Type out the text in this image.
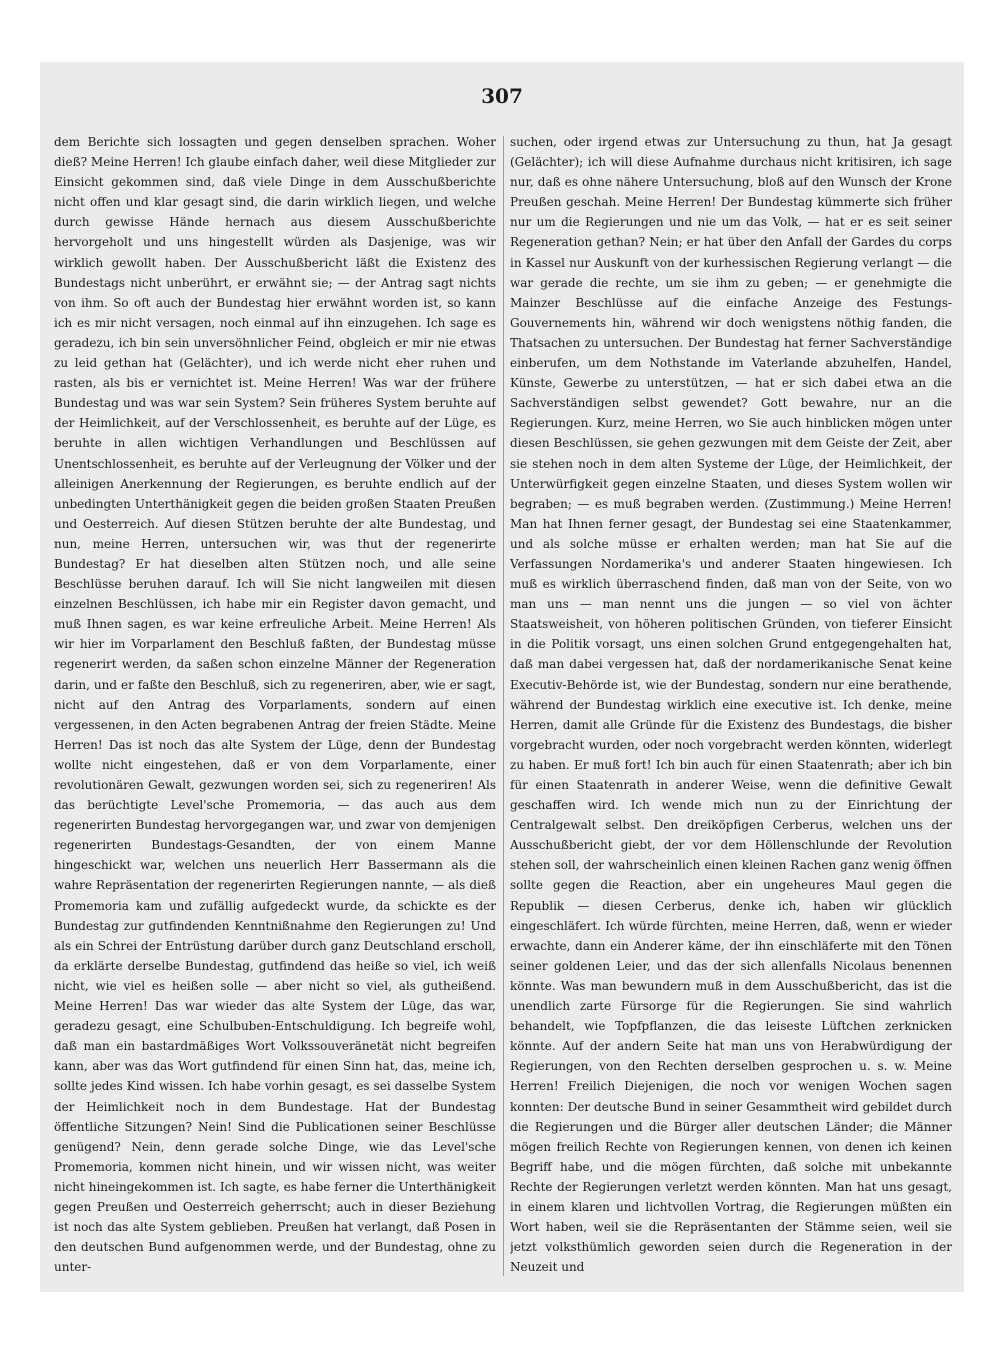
307

dem Berichte sich lossagten und gegen denselben sprachen. Woher dieß? Meine Herren! Ich glaube einfach daher, weil diese Mitglieder zur Einsicht gekommen sind, daß viele Dinge in dem Ausschußberichte nicht offen und klar gesagt sind, die darin wirklich liegen, und welche durch gewisse Hände hernach aus diesem Ausschußberichte hervorgeholt und uns hingestellt würden als Dasjenige, was wir wirklich gewollt haben. Der Ausschußbericht läßt die Existenz des Bundestags nicht unberührt, er erwähnt sie; — der Antrag sagt nichts von ihm. So oft auch der Bundestag hier erwähnt worden ist, so kann ich es mir nicht versagen, noch einmal auf ihn einzugehen. Ich sage es geradezu, ich bin sein unversöhnlicher Feind, obgleich er mir nie etwas zu leid gethan hat (Gelächter), und ich werde nicht eher ruhen und rasten, als bis er vernichtet ist. Meine Herren! Was war der frühere Bundestag und was war sein System? Sein früheres System beruhte auf der Heimlichkeit, auf der Verschlossenheit, es beruhte auf der Lüge, es beruhte in allen wichtigen Verhandlungen und Beschlüssen auf Unentschlossenheit, es beruhte auf der Verleugnung der Völker und der alleinigen Anerkennung der Regierungen, es beruhte endlich auf der unbedingten Unterthänigkeit gegen die beiden großen Staaten Preußen und Oesterreich. Auf diesen Stützen beruhte der alte Bundestag, und nun, meine Herren, untersuchen wir, was thut der regenerirte Bundestag? Er hat dieselben alten Stützen noch, und alle seine Beschlüsse beruhen darauf. Ich will Sie nicht langweilen mit diesen einzelnen Beschlüssen, ich habe mir ein Register davon gemacht, und muß Ihnen sagen, es war keine erfreuliche Arbeit. Meine Herren! Als wir hier im Vorparlament den Beschluß faßten, der Bundestag müsse regenerirt werden, da saßen schon einzelne Männer der Regeneration darin, und er faßte den Beschluß, sich zu regeneriren, aber, wie er sagt, nicht auf den Antrag des Vorparlaments, sondern auf einen vergessenen, in den Acten begrabenen Antrag der freien Städte. Meine Herren! Das ist noch das alte System der Lüge, denn der Bundestag wollte nicht eingestehen, daß er von dem Vorparlamente, einer revolutionären Gewalt, gezwungen worden sei, sich zu regeneriren! Als das berüchtigte Level'sche Promemoria, — das auch aus dem regenerirten Bundestag hervorgegangen war, und zwar von demjenigen regenerirten Bundestags-Gesandten, der von einem Manne hingeschickt war, welchen uns neuerlich Herr Bassermann als die wahre Repräsentation der regenerirten Regierungen nannte, — als dieß Promemoria kam und zufällig aufgedeckt wurde, da schickte es der Bundestag zur gutfindenden Kenntnißnahme den Regierungen zu! Und als ein Schrei der Entrüstung darüber durch ganz Deutschland erscholl, da erklärte derselbe Bundestag, gutfindend das heiße so viel, ich weiß nicht, wie viel es heißen solle — aber nicht so viel, als gutheißend. Meine Herren! Das war wieder das alte System der Lüge, das war, geradezu gesagt, eine Schulbuben-Entschuldigung. Ich begreife wohl, daß man ein bastardmäßiges Wort Volkssouveränetät nicht begreifen kann, aber was das Wort gutfindend für einen Sinn hat, das, meine ich, sollte jedes Kind wissen. Ich habe vorhin gesagt, es sei dasselbe System der Heimlichkeit noch in dem Bundestage. Hat der Bundestag öffentliche Sitzungen? Nein! Sind die Publicationen seiner Beschlüsse genügend? Nein, denn gerade solche Dinge, wie das Level'sche Promemoria, kommen nicht hinein, und wir wissen nicht, was weiter nicht hineingekommen ist. Ich sagte, es habe ferner die Unterthänigkeit gegen Preußen und Oesterreich geherrscht; auch in dieser Beziehung ist noch das alte System geblieben. Preußen hat verlangt, daß Posen in den deutschen Bund aufgenommen werde, und der Bundestag, ohne zu unter-

suchen, oder irgend etwas zur Untersuchung zu thun, hat Ja gesagt (Gelächter); ich will diese Aufnahme durchaus nicht kritisiren, ich sage nur, daß es ohne nähere Untersuchung, bloß auf den Wunsch der Krone Preußen geschah. Meine Herren! Der Bundestag kümmerte sich früher nur um die Regierungen und nie um das Volk, — hat er es seit seiner Regeneration gethan? Nein; er hat über den Anfall der Gardes du corps in Kassel nur Auskunft von der kurhessischen Regierung verlangt — die war gerade die rechte, um sie ihm zu geben; — er genehmigte die Mainzer Beschlüsse auf die einfache Anzeige des Festungs-Gouvernements hin, während wir doch wenigstens nöthig fanden, die Thatsachen zu untersuchen. Der Bundestag hat ferner Sachverständige einberufen, um dem Nothstande im Vaterlande abzuhelfen, Handel, Künste, Gewerbe zu unterstützen, — hat er sich dabei etwa an die Sachverständigen selbst gewendet? Gott bewahre, nur an die Regierungen. Kurz, meine Herren, wo Sie auch hinblicken mögen unter diesen Beschlüssen, sie gehen gezwungen mit dem Geiste der Zeit, aber sie stehen noch in dem alten Systeme der Lüge, der Heimlichkeit, der Unterwürfigkeit gegen einzelne Staaten, und dieses System wollen wir begraben; — es muß begraben werden. (Zustimmung.) Meine Herren! Man hat Ihnen ferner gesagt, der Bundestag sei eine Staatenkammer, und als solche müsse er erhalten werden; man hat Sie auf die Verfassungen Nordamerika's und anderer Staaten hingewiesen. Ich muß es wirklich überraschend finden, daß man von der Seite, von wo man uns — man nennt uns die jungen — so viel von ächter Staatsweisheit, von höheren politischen Gründen, von tieferer Einsicht in die Politik vorsagt, uns einen solchen Grund entgegengehalten hat, daß man dabei vergessen hat, daß der nordamerikanische Senat keine Executiv-Behörde ist, wie der Bundestag, sondern nur eine berathende, während der Bundestag wirklich eine executive ist. Ich denke, meine Herren, damit alle Gründe für die Existenz des Bundestags, die bisher vorgebracht wurden, oder noch vorgebracht werden könnten, widerlegt zu haben. Er muß fort! Ich bin auch für einen Staatenrath; aber ich bin für einen Staatenrath in anderer Weise, wenn die definitive Gewalt geschaffen wird. Ich wende mich nun zu der Einrichtung der Centralgewalt selbst. Den dreiköpfigen Cerberus, welchen uns der Ausschußbericht giebt, der vor dem Höllenschlunde der Revolution stehen soll, der wahrscheinlich einen kleinen Rachen ganz wenig öffnen sollte gegen die Reaction, aber ein ungeheures Maul gegen die Republik — diesen Cerberus, denke ich, haben wir glücklich eingeschläfert. Ich würde fürchten, meine Herren, daß, wenn er wieder erwachte, dann ein Anderer käme, der ihn einschläferte mit den Tönen seiner goldenen Leier, und das der sich allenfalls Nicolaus benennen könnte. Was man bewundern muß in dem Ausschußbericht, das ist die unendlich zarte Fürsorge für die Regierungen. Sie sind wahrlich behandelt, wie Topfpflanzen, die das leiseste Lüftchen zerknicken könnte. Auf der andern Seite hat man uns von Herabwürdigung der Regierungen, von den Rechten derselben gesprochen u. s. w. Meine Herren! Freilich Diejenigen, die noch vor wenigen Wochen sagen konnten: Der deutsche Bund in seiner Gesammtheit wird gebildet durch die Regierungen und die Bürger aller deutschen Länder; die Männer mögen freilich Rechte von Regierungen kennen, von denen ich keinen Begriff habe, und die mögen fürchten, daß solche mit unbekannte Rechte der Regierungen verletzt werden könnten. Man hat uns gesagt, in einem klaren und lichtvollen Vortrag, die Regierungen müßten ein Wort haben, weil sie die Repräsentanten der Stämme seien, weil sie jetzt volksthümlich geworden seien durch die Regeneration in der Neuzeit und
